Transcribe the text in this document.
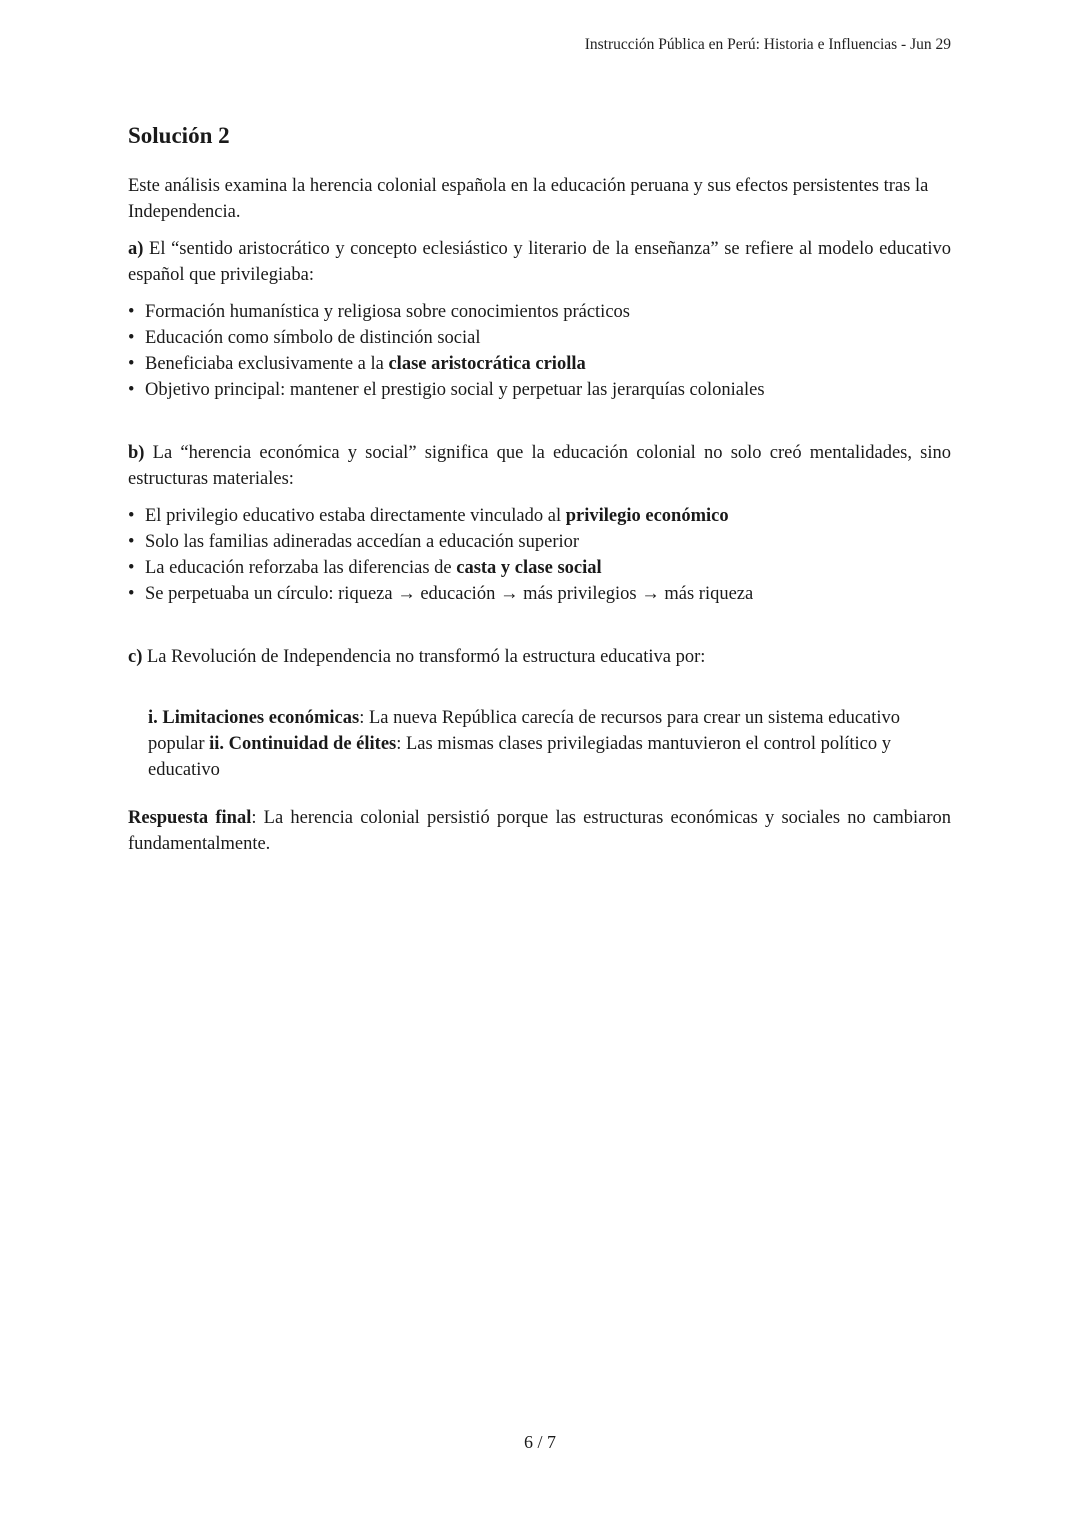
Instrucción Pública en Perú: Historia e Influencias - Jun 29
Solución 2

Este análisis examina la herencia colonial española en la educación peruana y sus efectos persistentes tras la Independencia.

a) El “sentido aristocrático y concepto eclesiástico y literario de la enseñanza” se refiere al modelo educativo español que privilegiaba:

• Formación humanística y religiosa sobre conocimientos prácticos
• Educación como símbolo de distinción social
• Beneficiaba exclusivamente a la clase aristocrática criolla
• Objetivo principal: mantener el prestigio social y perpetuar las jerarquías coloniales

b) La “herencia económica y social” significa que la educación colonial no solo creó mentalidades, sino estructuras materiales:

• El privilegio educativo estaba directamente vinculado al privilegio económico
• Solo las familias adineradas accedían a educación superior
• La educación reforzaba las diferencias de casta y clase social
• Se perpetuaba un círculo: riqueza → educación → más privilegios → más riqueza

c) La Revolución de Independencia no transformó la estructura educativa por:

i. Limitaciones económicas: La nueva República carecía de recursos para crear un sistema educativo popular ii. Continuidad de élites: Las mismas clases privilegiadas mantuvieron el control político y educativo

Respuesta final: La herencia colonial persistió porque las estructuras económicas y sociales no cambiaron fundamentalmente.

6 / 7
